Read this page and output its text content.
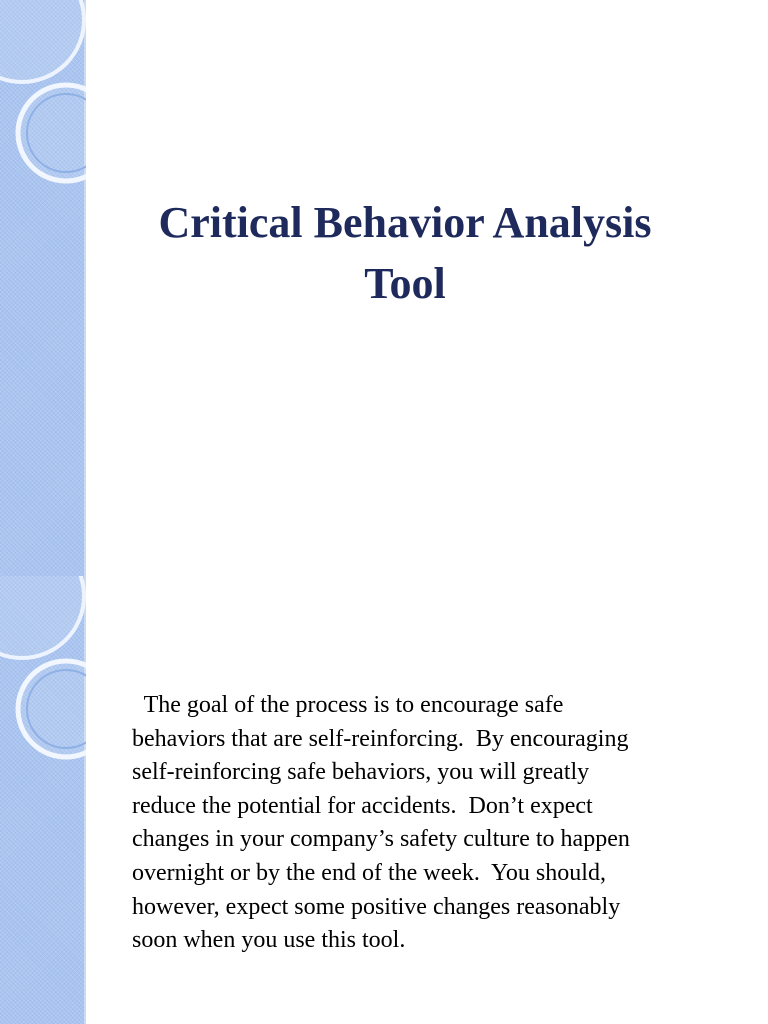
Critical Behavior Analysis
Tool
The goal of the process is to encourage safe
behaviors that are self-reinforcing.  By encouraging
self-reinforcing safe behaviors, you will greatly
reduce the potential for accidents.  Don’t expect
changes in your company’s safety culture to happen
overnight or by the end of the week.  You should,
however, expect some positive changes reasonably
soon when you use this tool.
